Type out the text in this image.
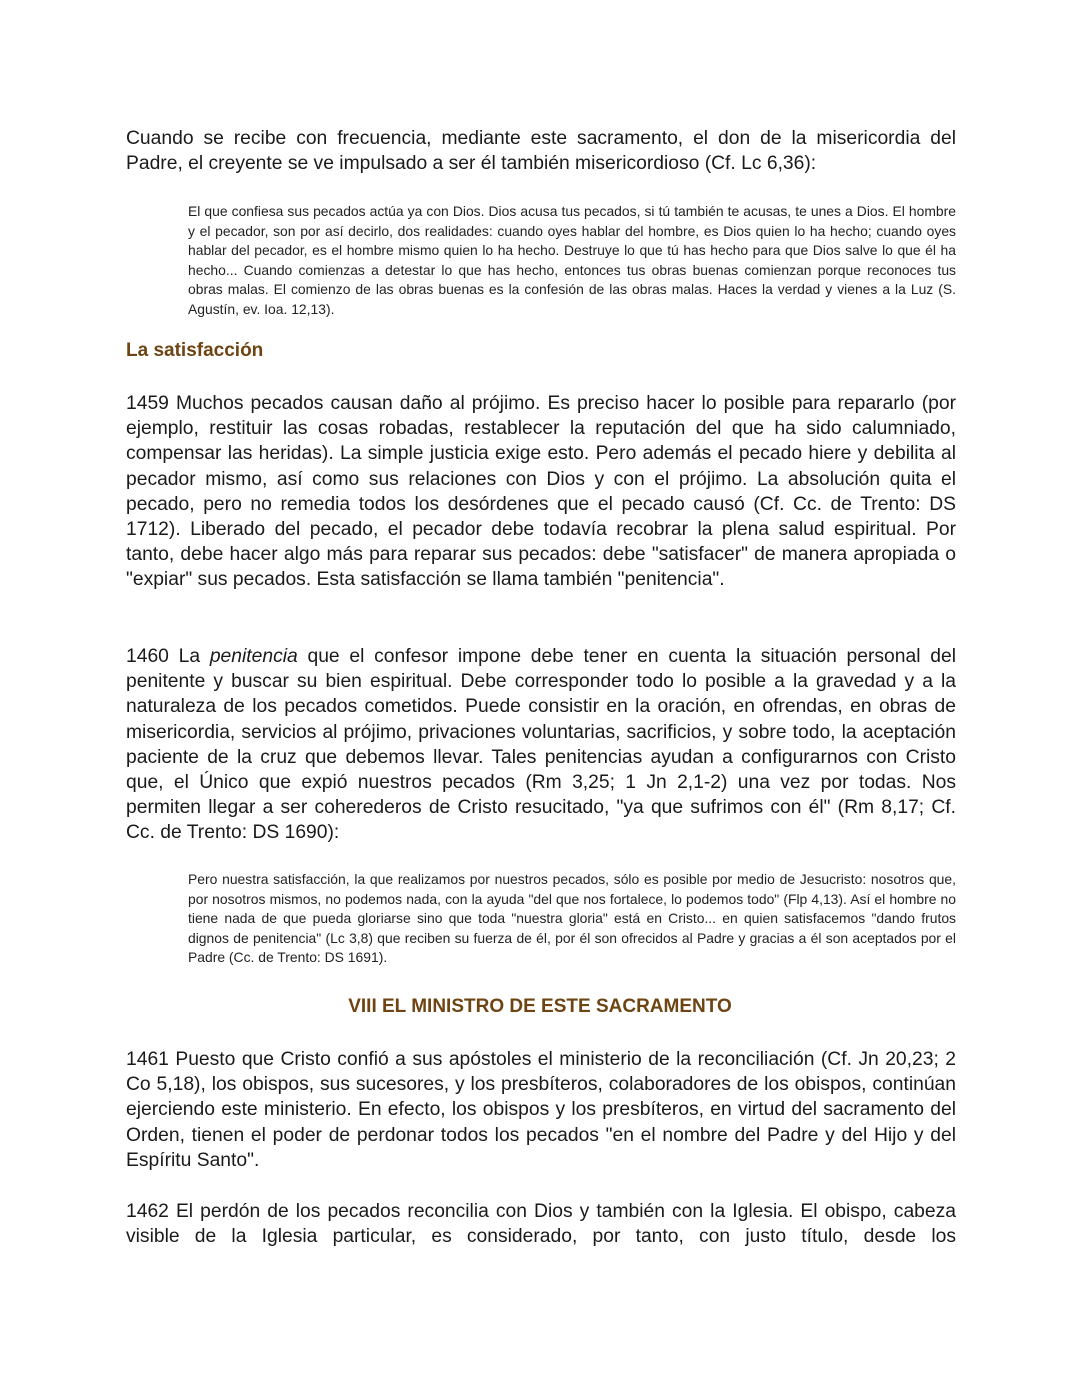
Cuando se recibe con frecuencia, mediante este sacramento, el don de la misericordia del Padre, el creyente se ve impulsado a ser él también misericordioso (Cf. Lc 6,36):
El que confiesa sus pecados actúa ya con Dios. Dios acusa tus pecados, si tú también te acusas, te unes a Dios. El hombre y el pecador, son por así decirlo, dos realidades: cuando oyes hablar del hombre, es Dios quien lo ha hecho; cuando oyes hablar del pecador, es el hombre mismo quien lo ha hecho. Destruye lo que tú has hecho para que Dios salve lo que él ha hecho... Cuando comienzas a detestar lo que has hecho, entonces tus obras buenas comienzan porque reconoces tus obras malas. El comienzo de las obras buenas es la confesión de las obras malas. Haces la verdad y vienes a la Luz (S. Agustín, ev. Ioa. 12,13).
La satisfacción
1459 Muchos pecados causan daño al prójimo. Es preciso hacer lo posible para repararlo (por ejemplo, restituir las cosas robadas, restablecer la reputación del que ha sido calumniado, compensar las heridas). La simple justicia exige esto. Pero además el pecado hiere y debilita al pecador mismo, así como sus relaciones con Dios y con el prójimo. La absolución quita el pecado, pero no remedia todos los desórdenes que el pecado causó (Cf. Cc. de Trento: DS 1712). Liberado del pecado, el pecador debe todavía recobrar la plena salud espiritual. Por tanto, debe hacer algo más para reparar sus pecados: debe "satisfacer" de manera apropiada o "expiar" sus pecados. Esta satisfacción se llama también "penitencia".
1460 La penitencia que el confesor impone debe tener en cuenta la situación personal del penitente y buscar su bien espiritual. Debe corresponder todo lo posible a la gravedad y a la naturaleza de los pecados cometidos. Puede consistir en la oración, en ofrendas, en obras de misericordia, servicios al prójimo, privaciones voluntarias, sacrificios, y sobre todo, la aceptación paciente de la cruz que debemos llevar. Tales penitencias ayudan a configurarnos con Cristo que, el Único que expió nuestros pecados (Rm 3,25; 1 Jn 2,1-2) una vez por todas. Nos permiten llegar a ser coherederos de Cristo resucitado, "ya que sufrimos con él" (Rm 8,17; Cf. Cc. de Trento: DS 1690):
Pero nuestra satisfacción, la que realizamos por nuestros pecados, sólo es posible por medio de Jesucristo: nosotros que, por nosotros mismos, no podemos nada, con la ayuda "del que nos fortalece, lo podemos todo" (Flp 4,13). Así el hombre no tiene nada de que pueda gloriarse sino que toda "nuestra gloria" está en Cristo... en quien satisfacemos "dando frutos dignos de penitencia" (Lc 3,8) que reciben su fuerza de él, por él son ofrecidos al Padre y gracias a él son aceptados por el Padre (Cc. de Trento: DS 1691).
VIII EL MINISTRO DE ESTE SACRAMENTO
1461 Puesto que Cristo confió a sus apóstoles el ministerio de la reconciliación (Cf. Jn 20,23; 2 Co 5,18), los obispos, sus sucesores, y los presbíteros, colaboradores de los obispos, continúan ejerciendo este ministerio. En efecto, los obispos y los presbíteros, en virtud del sacramento del Orden, tienen el poder de perdonar todos los pecados "en el nombre del Padre y del Hijo y del Espíritu Santo".
1462 El perdón de los pecados reconcilia con Dios y también con la Iglesia. El obispo, cabeza visible de la Iglesia particular, es considerado, por tanto, con justo título, desde los
